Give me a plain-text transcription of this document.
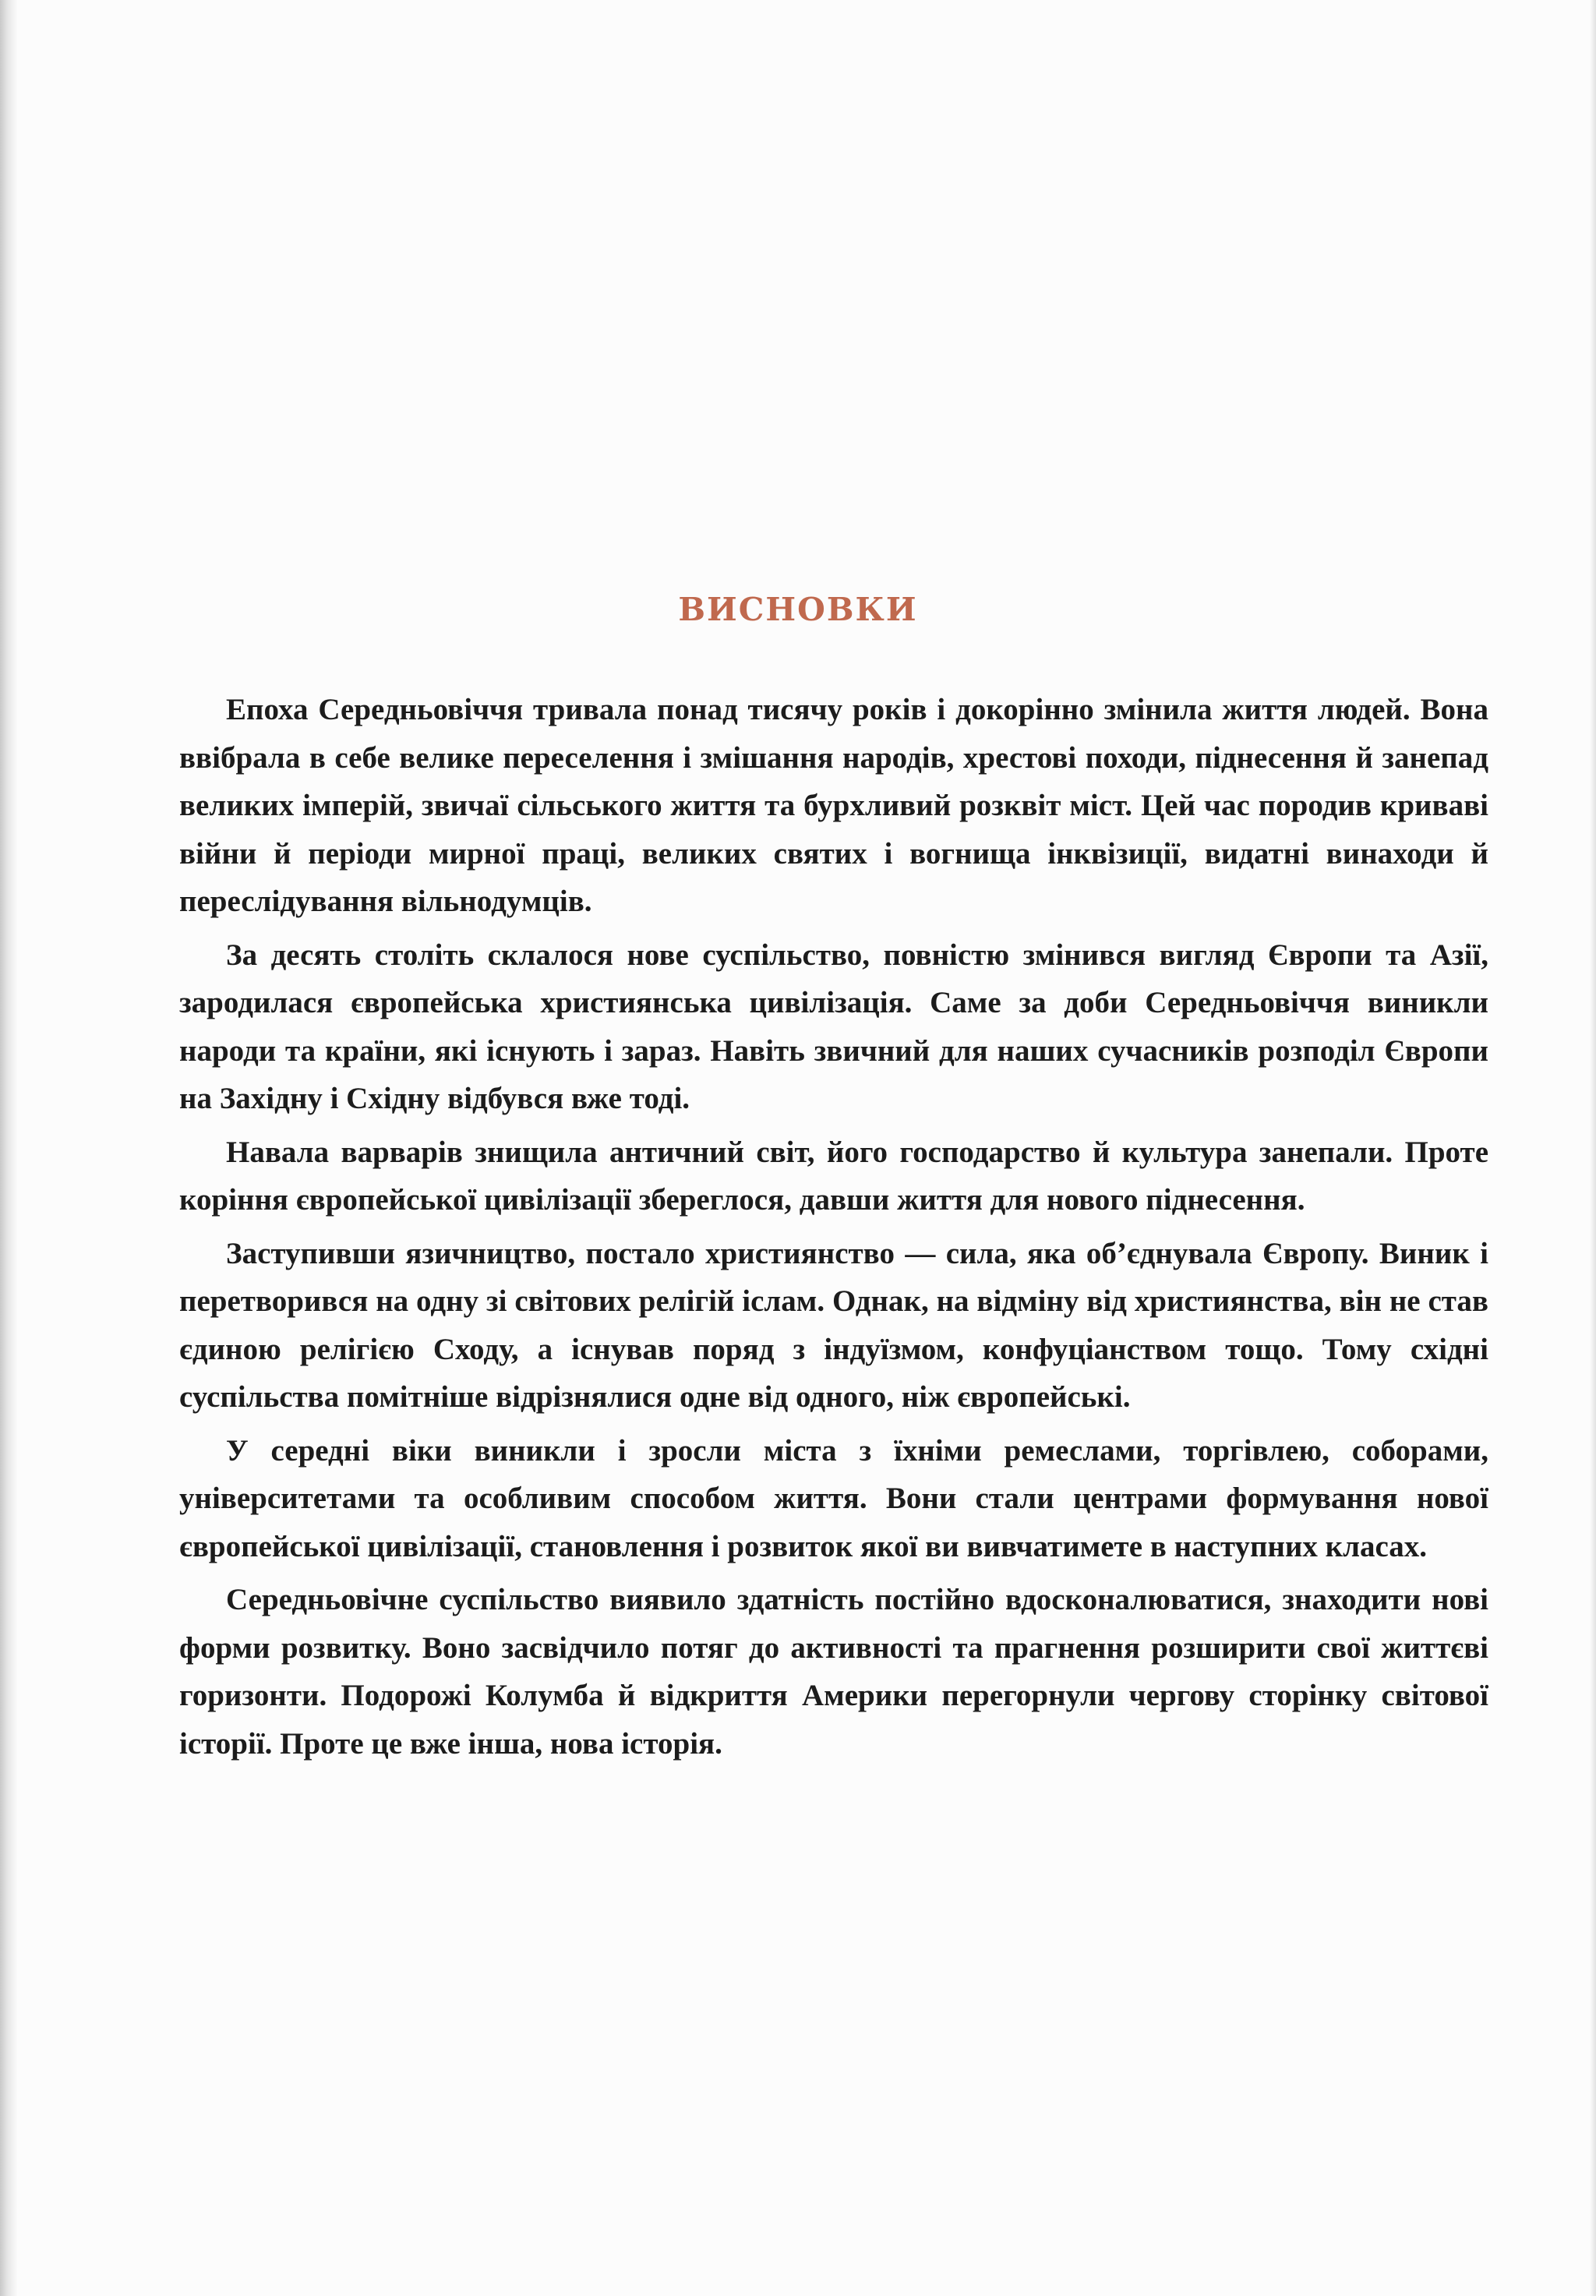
ВИСНОВКИ

Епоха Середньовіччя тривала понад тисячу років і докорінно змінила життя людей. Вона ввібрала в себе велике переселення і змішання народів, хрестові походи, піднесення й занепад великих імперій, звичаї сільського життя та бурхливий розквіт міст. Цей час породив криваві війни й періоди мирної праці, великих святих і вогнища інквізиції, видатні винаходи й переслідування вільнодумців.

За десять століть склалося нове суспільство, повністю змінився вигляд Європи та Азії, зародилася європейська християнська цивілізація. Саме за доби Середньовіччя виникли народи та країни, які існують і зараз. Навіть звичний для наших сучасників розподіл Європи на Західну і Східну відбувся вже тоді.

Навала варварів знищила античний світ, його господарство й культура занепали. Проте коріння європейської цивілізації збереглося, давши життя для нового піднесення.

Заступивши язичництво, постало християнство — сила, яка об’єднувала Європу. Виник і перетворився на одну зі світових релігій іслам. Однак, на відміну від християнства, він не став єдиною релігією Сходу, а існував поряд з індуїзмом, конфуціанством тощо. Тому східні суспільства помітніше відрізнялися одне від одного, ніж європейські.

У середні віки виникли і зросли міста з їхніми ремеслами, торгівлею, соборами, університетами та особливим способом життя. Вони стали центрами формування нової європейської цивілізації, становлення і розвиток якої ви вивчатимете в наступних класах.

Середньовічне суспільство виявило здатність постійно вдосконалюватися, знаходити нові форми розвитку. Воно засвідчило потяг до активності та прагнення розширити свої життєві горизонти. Подорожі Колумба й відкриття Америки перегорнули чергову сторінку світової історії. Проте це вже інша, нова історія.
